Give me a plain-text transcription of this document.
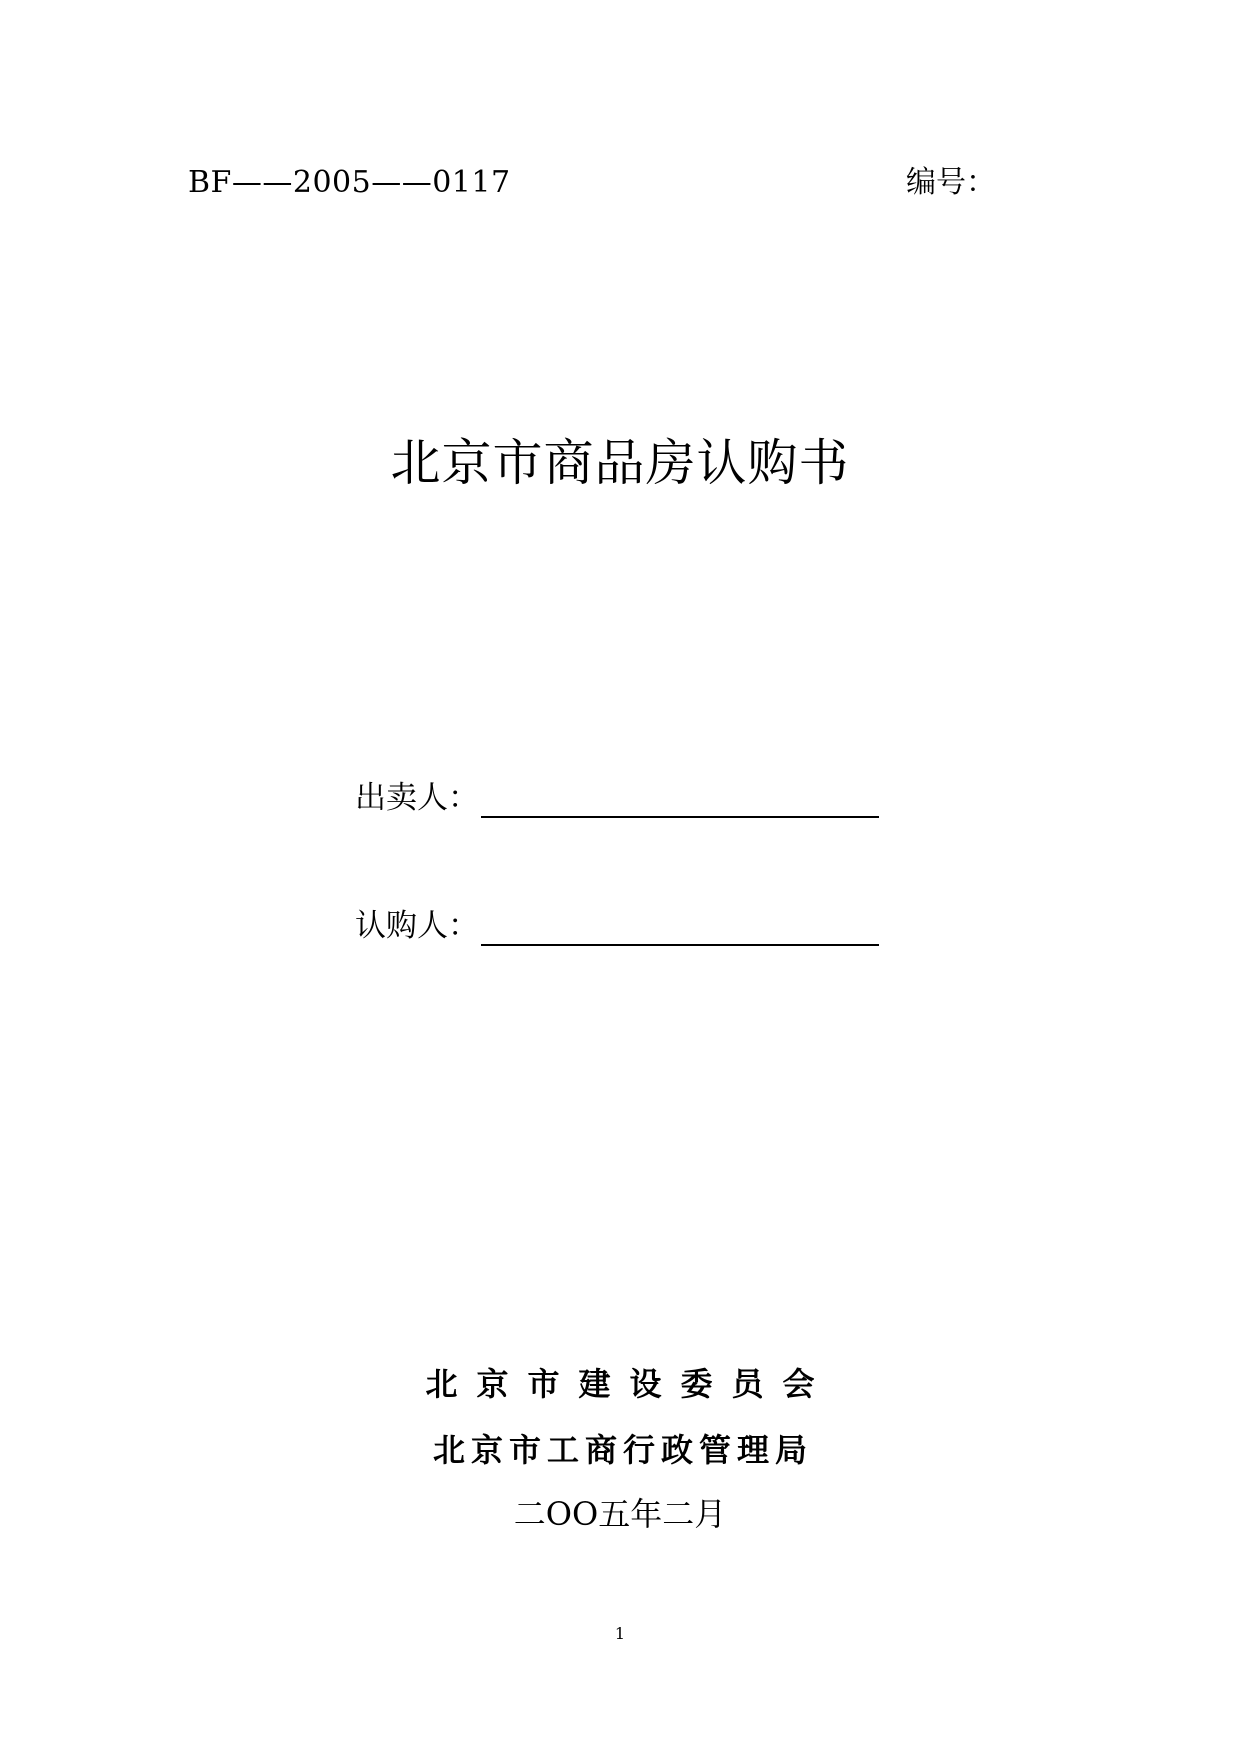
BF——2005——0117	编号：
北京市商品房认购书
出卖人：
认购人：
北京市建设委员会
北京市工商行政管理局
二OO五年二月
1
